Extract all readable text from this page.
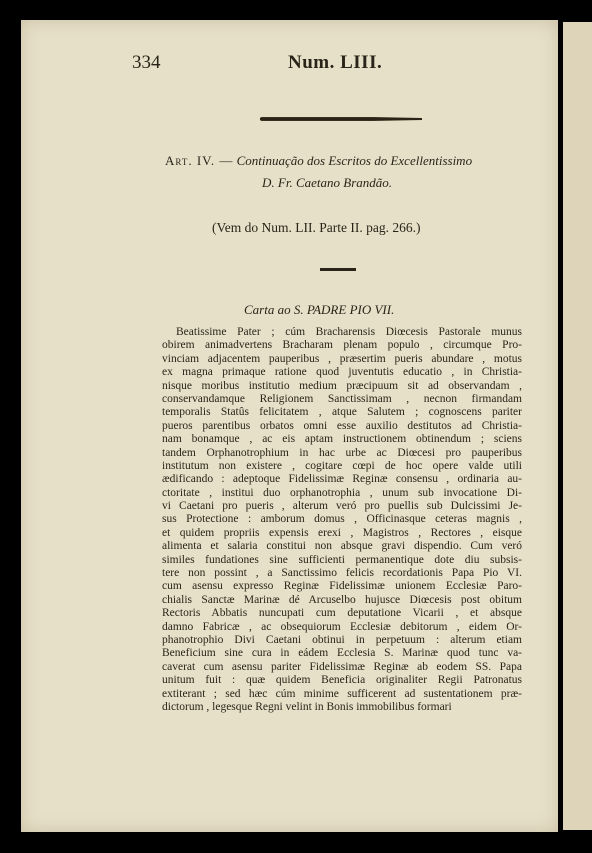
334	Num. LIII.
Art. IV. — Continuação dos Escritos do Excellentissimo
D. Fr. Caetano Brandão.
(Vem do Num. LII. Parte II. pag. 266.)
Carta ao S. PADRE PIO VII.
Beatissime Pater ; cúm Bracharensis Diœcesis Pastorale munus
obirem animadvertens Bracharam plenam populo , circumque Pro-
vinciam adjacentem pauperibus , præsertim pueris abundare , motus
ex magna primaque ratione quod juventutis educatio , in Christia-
nisque moribus institutio medium præcipuum sit ad observandam ,
conservandamque Religionem Sanctissimam , necnon firmandam
temporalis Statûs felicitatem , atque Salutem ; cognoscens pariter
pueros parentibus orbatos omni esse auxilio destitutos ad Christia-
nam bonamque , ac eis aptam instructionem obtinendum ; sciens
tandem Orphanotrophium in hac urbe ac Diœcesi pro pauperibus
institutum non existere , cogitare cœpi de hoc opere valde utili
ædificando : adeptoque Fidelissimæ Reginæ consensu , ordinaria au-
ctoritate , institui duo orphanotrophia , unum sub invocatione Di-
vi Caetani pro pueris , alterum veró pro puellis sub Dulcissimi Je-
sus Protectione : amborum domus , Officinasque ceteras magnis ,
et quidem propriis expensis erexi , Magistros , Rectores , eisque
alimenta et salaria constitui non absque gravi dispendio. Cum veró
similes fundationes sine sufficienti permanentique dote diu subsis-
tere non possint , a Sanctissimo felicis recordationis Papa Pio VI.
cum asensu expresso Reginæ Fidelissimæ unionem Ecclesiæ Paro-
chialis Sanctæ Marinæ dé Arcuselbo hujusce Diœcesis post obitum
Rectoris Abbatis nuncupati cum deputatione Vicarii , et absque
damno Fabricæ , ac obsequiorum Ecclesiæ debitorum , eidem Or-
phanotrophio Divi Caetani obtinui in perpetuum : alterum etiam
Beneficium sine cura in eádem Ecclesia S. Marinæ quod tunc va-
caverat cum asensu pariter Fidelissimæ Reginæ ab eodem SS. Papa
unitum fuit : quæ quidem Beneficia originaliter Regii Patronatus
extiterant ; sed hæc cúm minime sufficerent ad sustentationem præ-
dictorum , legesque Regni velint in Bonis immobilibus formari
